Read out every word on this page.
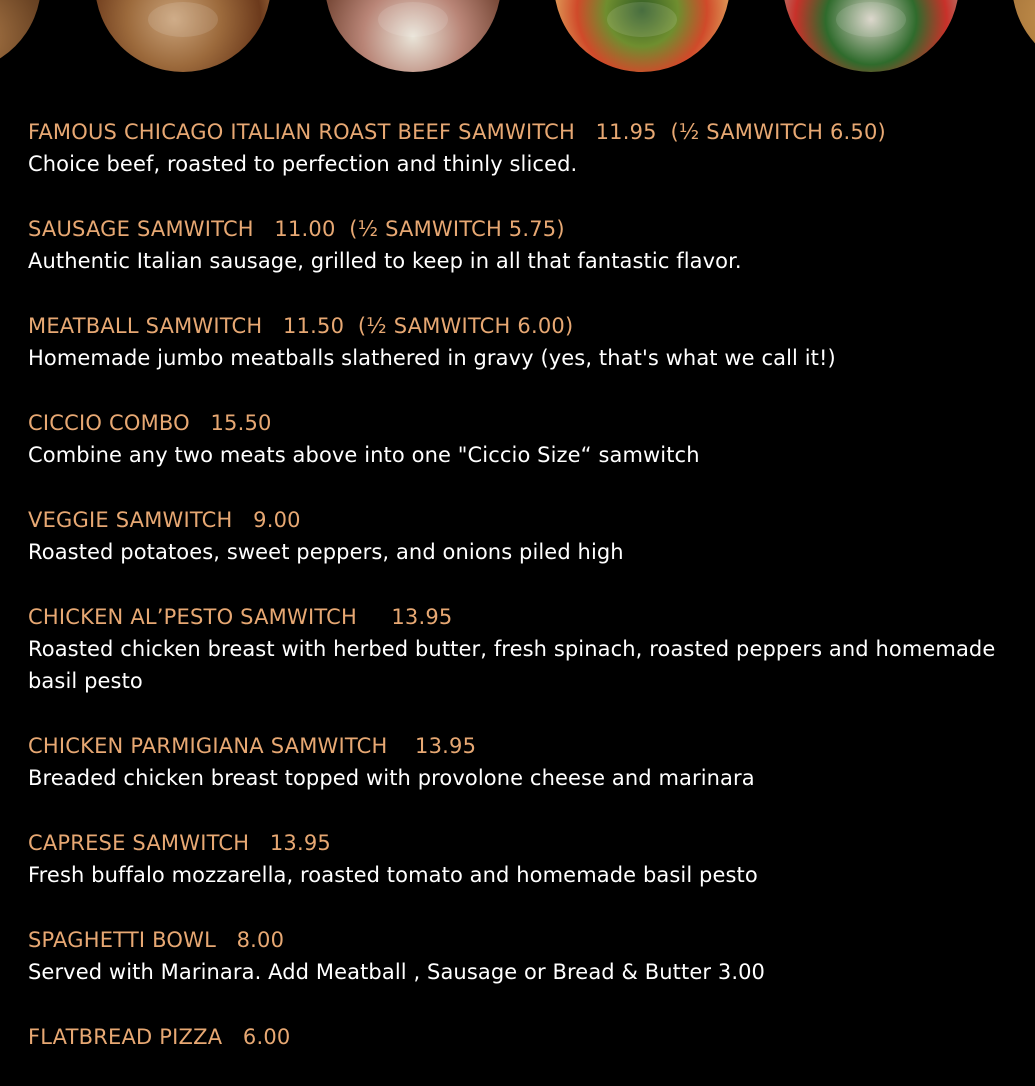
FAMOUS CHICAGO ITALIAN ROAST BEEF SAMWITCH   11.95  (½ SAMWITCH 6.50)

Choice beef, roasted to perfection and thinly sliced.

SAUSAGE SAMWITCH   11.00  (½ SAMWITCH 5.75)

Authentic Italian sausage, grilled to keep in all that fantastic flavor.

MEATBALL SAMWITCH   11.50  (½ SAMWITCH 6.00)

Homemade jumbo meatballs slathered in gravy (yes, that's what we call it!)

CICCIO COMBO   15.50

Combine any two meats above into one "Ciccio Size“ samwitch

VEGGIE SAMWITCH   9.00

Roasted potatoes, sweet peppers, and onions piled high

CHICKEN AL’PESTO SAMWITCH     13.95

Roasted chicken breast with herbed butter, fresh spinach, roasted peppers and homemade basil pesto

CHICKEN PARMIGIANA SAMWITCH    13.95

Breaded chicken breast topped with provolone cheese and marinara

CAPRESE SAMWITCH   13.95

Fresh buffalo mozzarella, roasted tomato and homemade basil pesto

SPAGHETTI BOWL   8.00

Served with Marinara. Add Meatball , Sausage or Bread & Butter 3.00

FLATBREAD PIZZA   6.00
